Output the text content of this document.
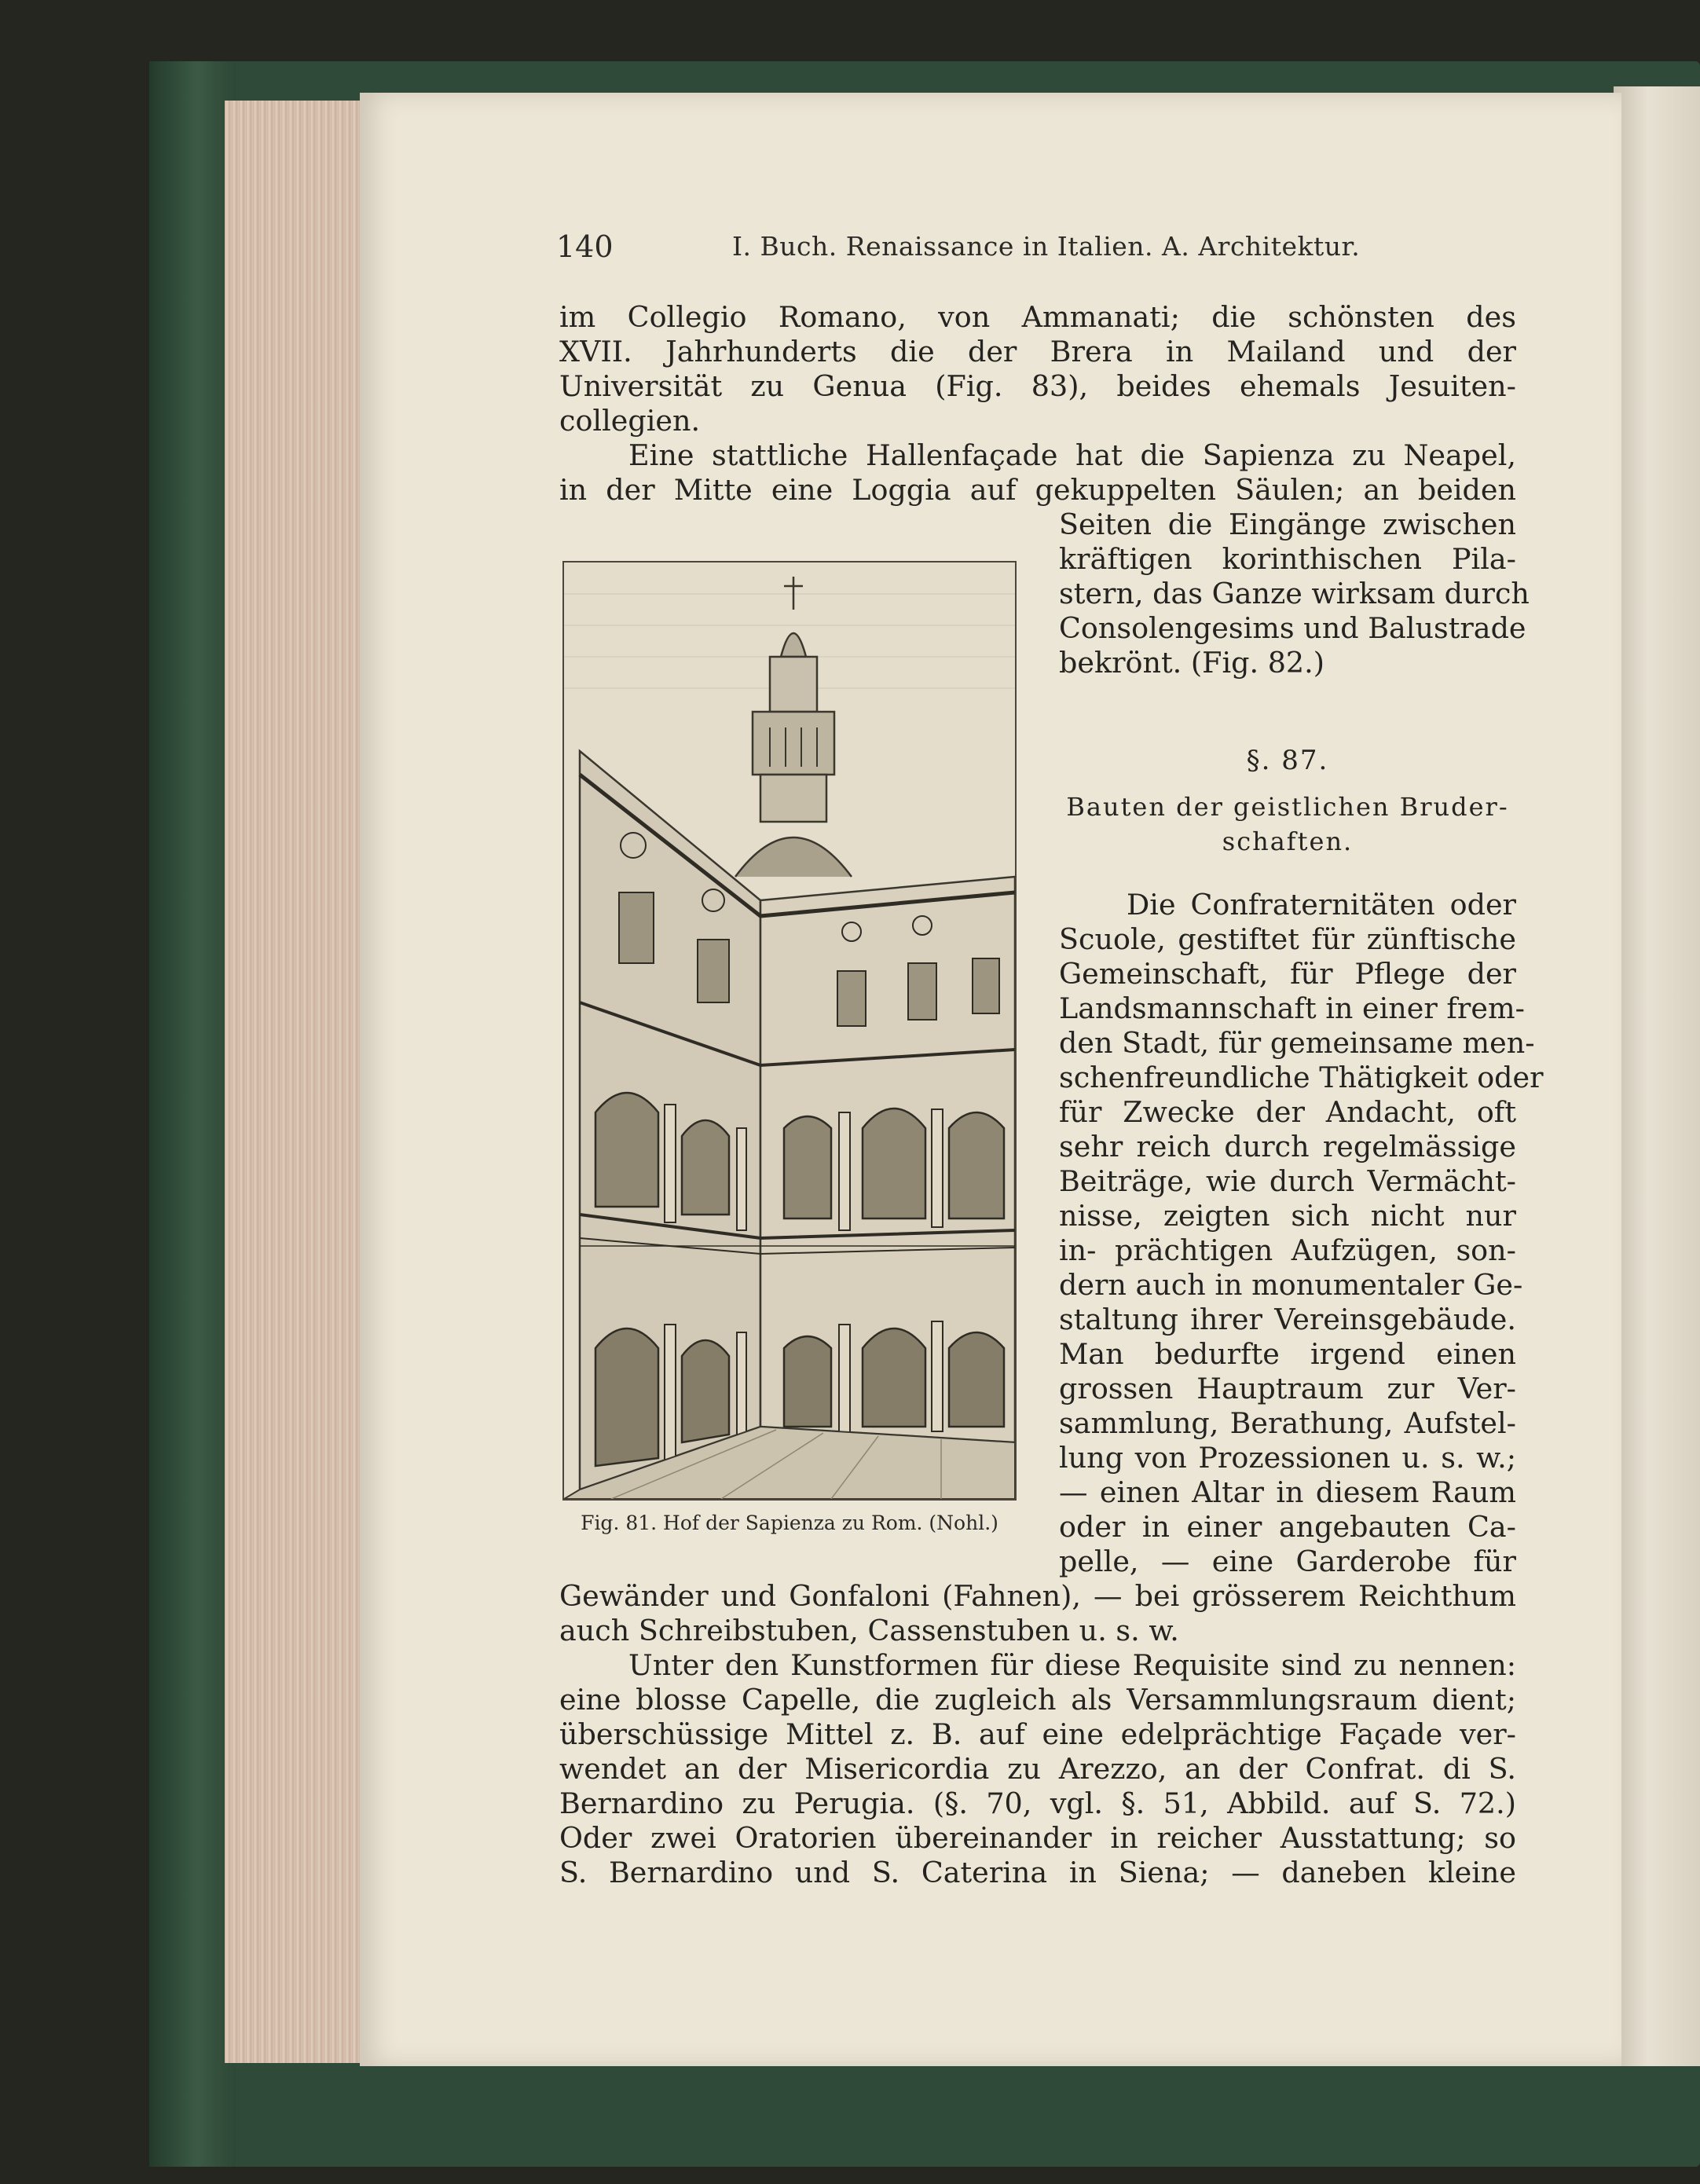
140	I. Buch. Renaissance in Italien. A. Architektur.
im Collegio Romano, von Ammanati; die schönsten des
XVII. Jahrhunderts die der Brera in Mailand und der
Universität zu Genua (Fig. 83), beides ehemals Jesuiten-
collegien.
Eine stattliche Hallenfaçade hat die Sapienza zu Neapel,
in der Mitte eine Loggia auf gekuppelten Säulen; an beiden
Seiten die Eingänge zwischen
kräftigen korinthischen Pila-
stern, das Ganze wirksam durch
Consolengesims und Balustrade
bekrönt. (Fig. 82.)
§. 87.
Bauten der geistlichen Bruder-
schaften.
Die Confraternitäten oder
Scuole, gestiftet für zünftische
Gemeinschaft, für Pflege der
Landsmannschaft in einer frem-
den Stadt, für gemeinsame men-
schenfreundliche Thätigkeit oder
für Zwecke der Andacht, oft
sehr reich durch regelmässige
Beiträge, wie durch Vermächt-
nisse, zeigten sich nicht nur
in- prächtigen Aufzügen, son-
dern auch in monumentaler Ge-
staltung ihrer Vereinsgebäude.
Man bedurfte irgend einen
grossen Hauptraum zur Ver-
sammlung, Berathung, Aufstel-
lung von Prozessionen u. s. w.;
— einen Altar in diesem Raum
oder in einer angebauten Ca-
pelle, — eine Garderobe für
Fig. 81. Hof der Sapienza zu Rom. (Nohl.)
Gewänder und Gonfaloni (Fahnen), — bei grösserem Reichthum
auch Schreibstuben, Cassenstuben u. s. w.
Unter den Kunstformen für diese Requisite sind zu nennen:
eine blosse Capelle, die zugleich als Versammlungsraum dient;
überschüssige Mittel z. B. auf eine edelprächtige Façade ver-
wendet an der Misericordia zu Arezzo, an der Confrat. di S.
Bernardino zu Perugia. (§. 70, vgl. §. 51, Abbild. auf S. 72.)
Oder zwei Oratorien übereinander in reicher Ausstattung; so
S. Bernardino und S. Caterina in Siena; — daneben kleine
